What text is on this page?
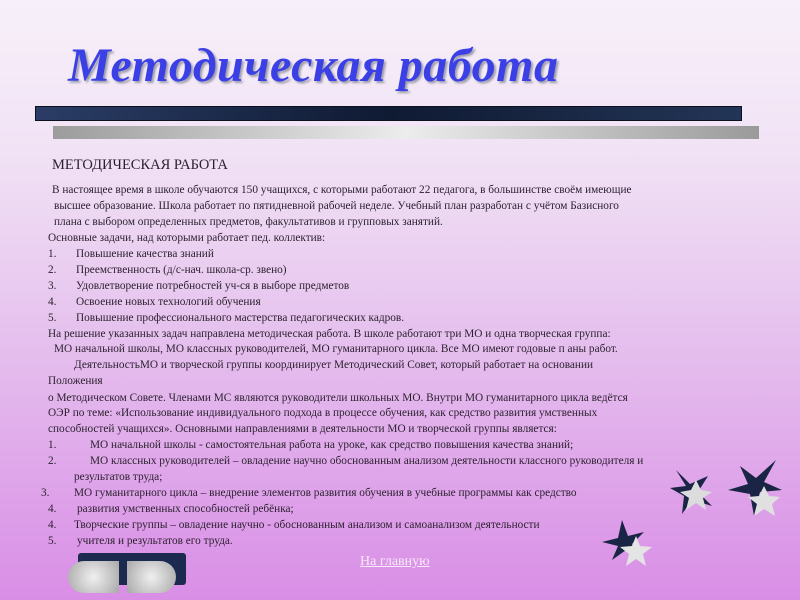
Методическая работа
МЕТОДИЧЕСКАЯ РАБОТА
В настоящее время в школе обучаются 150 учащихся, с которыми работают 22 педагога, в большинстве своём имеющие
высшее образование. Школа работает по пятидневной рабочей неделе. Учебный план разработан с учётом Базисного
плана с выбором определенных предметов, факультативов и групповых занятий.
Основные задачи, над которыми работает пед. коллектив:
1. Повышение качества знаний
2. Преемственность (д/с-нач. школа-ср. звено)
3. Удовлетворение потребностей уч-ся в выборе предметов
4. Освоение новых технологий обучения
5. Повышение профессионального мастерства педагогических кадров.
На решение указанных задач направлена методическая работа. В школе работают три МО и одна творческая группа:
МО начальной школы, МО классных руководителей, МО гуманитарного цикла. Все МО имеют годовые п аны работ.
ДеятельностьМО и творческой группы координирует Методический Совет, который работает на основании
Положения
о Методическом Совете. Членами МС являются руководители школьных МО. Внутри МО гуманитарного цикла ведётся
ОЭР по теме: «Использование индивидуального подхода в процессе обучения, как средство развития умственных
способностей учащихся». Основными направлениями в деятельности МО и творческой группы является:
1.	МО начальной школы - самостоятельная работа на уроке, как средство повышения качества знаний;
2.	МО классных руководителей – овладение научно обоснованным анализом деятельности классного руководителя и
результатов труда;
3. МО гуманитарного цикла – внедрение элементов развития обучения в учебные программы как средство
4. развития умственных способностей ребёнка;
4. Творческие группы – овладение научно - обоснованным анализом и самоанализом деятельности
5. учителя и результатов его труда.
На главную
